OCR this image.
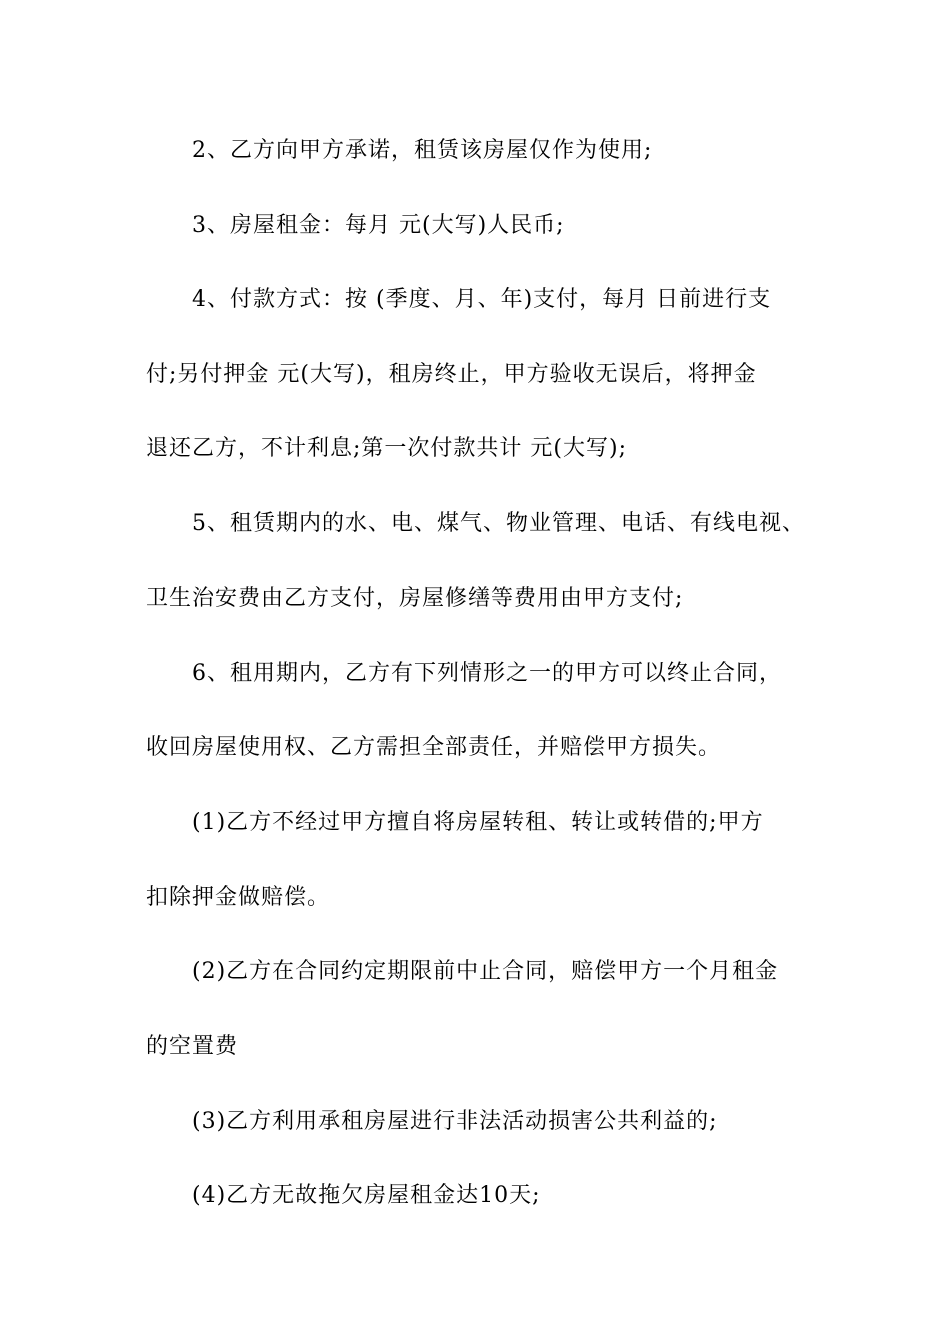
2、乙方向甲方承诺，租赁该房屋仅作为使用;
3、房屋租金：每月 元(大写)人民币;
4、付款方式：按 (季度、月、年)支付，每月 日前进行支
付;另付押金 元(大写)，租房终止，甲方验收无误后，将押金
退还乙方，不计利息;第一次付款共计 元(大写);
5、租赁期内的水、电、煤气、物业管理、电话、有线电视、
卫生治安费由乙方支付，房屋修缮等费用由甲方支付;
6、租用期内，乙方有下列情形之一的甲方可以终止合同，
收回房屋使用权、乙方需担全部责任，并赔偿甲方损失。
(1)乙方不经过甲方擅自将房屋转租、转让或转借的;甲方
扣除押金做赔偿。
(2)乙方在合同约定期限前中止合同，赔偿甲方一个月租金
的空置费
(3)乙方利用承租房屋进行非法活动损害公共利益的;
(4)乙方无故拖欠房屋租金达10天;
